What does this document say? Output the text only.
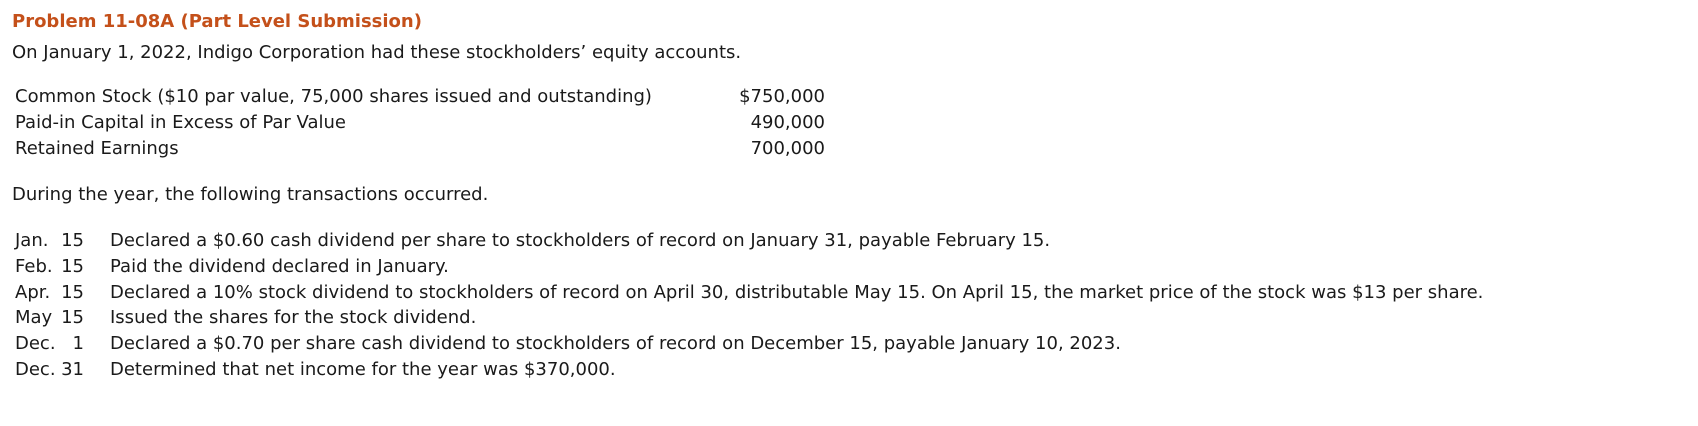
Problem 11-08A (Part Level Submission)
On January 1, 2022, Indigo Corporation had these stockholders’ equity accounts.
Common Stock ($10 par value, 75,000 shares issued and outstanding)	$750,000
Paid-in Capital in Excess of Par Value	490,000
Retained Earnings	700,000
During the year, the following transactions occurred.
Jan. 15 Declared a $0.60 cash dividend per share to stockholders of record on January 31, payable February 15.
Feb. 15 Paid the dividend declared in January.
Apr. 15 Declared a 10% stock dividend to stockholders of record on April 30, distributable May 15. On April 15, the market price of the stock was $13 per share.
May 15 Issued the shares for the stock dividend.
Dec. 1 Declared a $0.70 per share cash dividend to stockholders of record on December 15, payable January 10, 2023.
Dec. 31 Determined that net income for the year was $370,000.
